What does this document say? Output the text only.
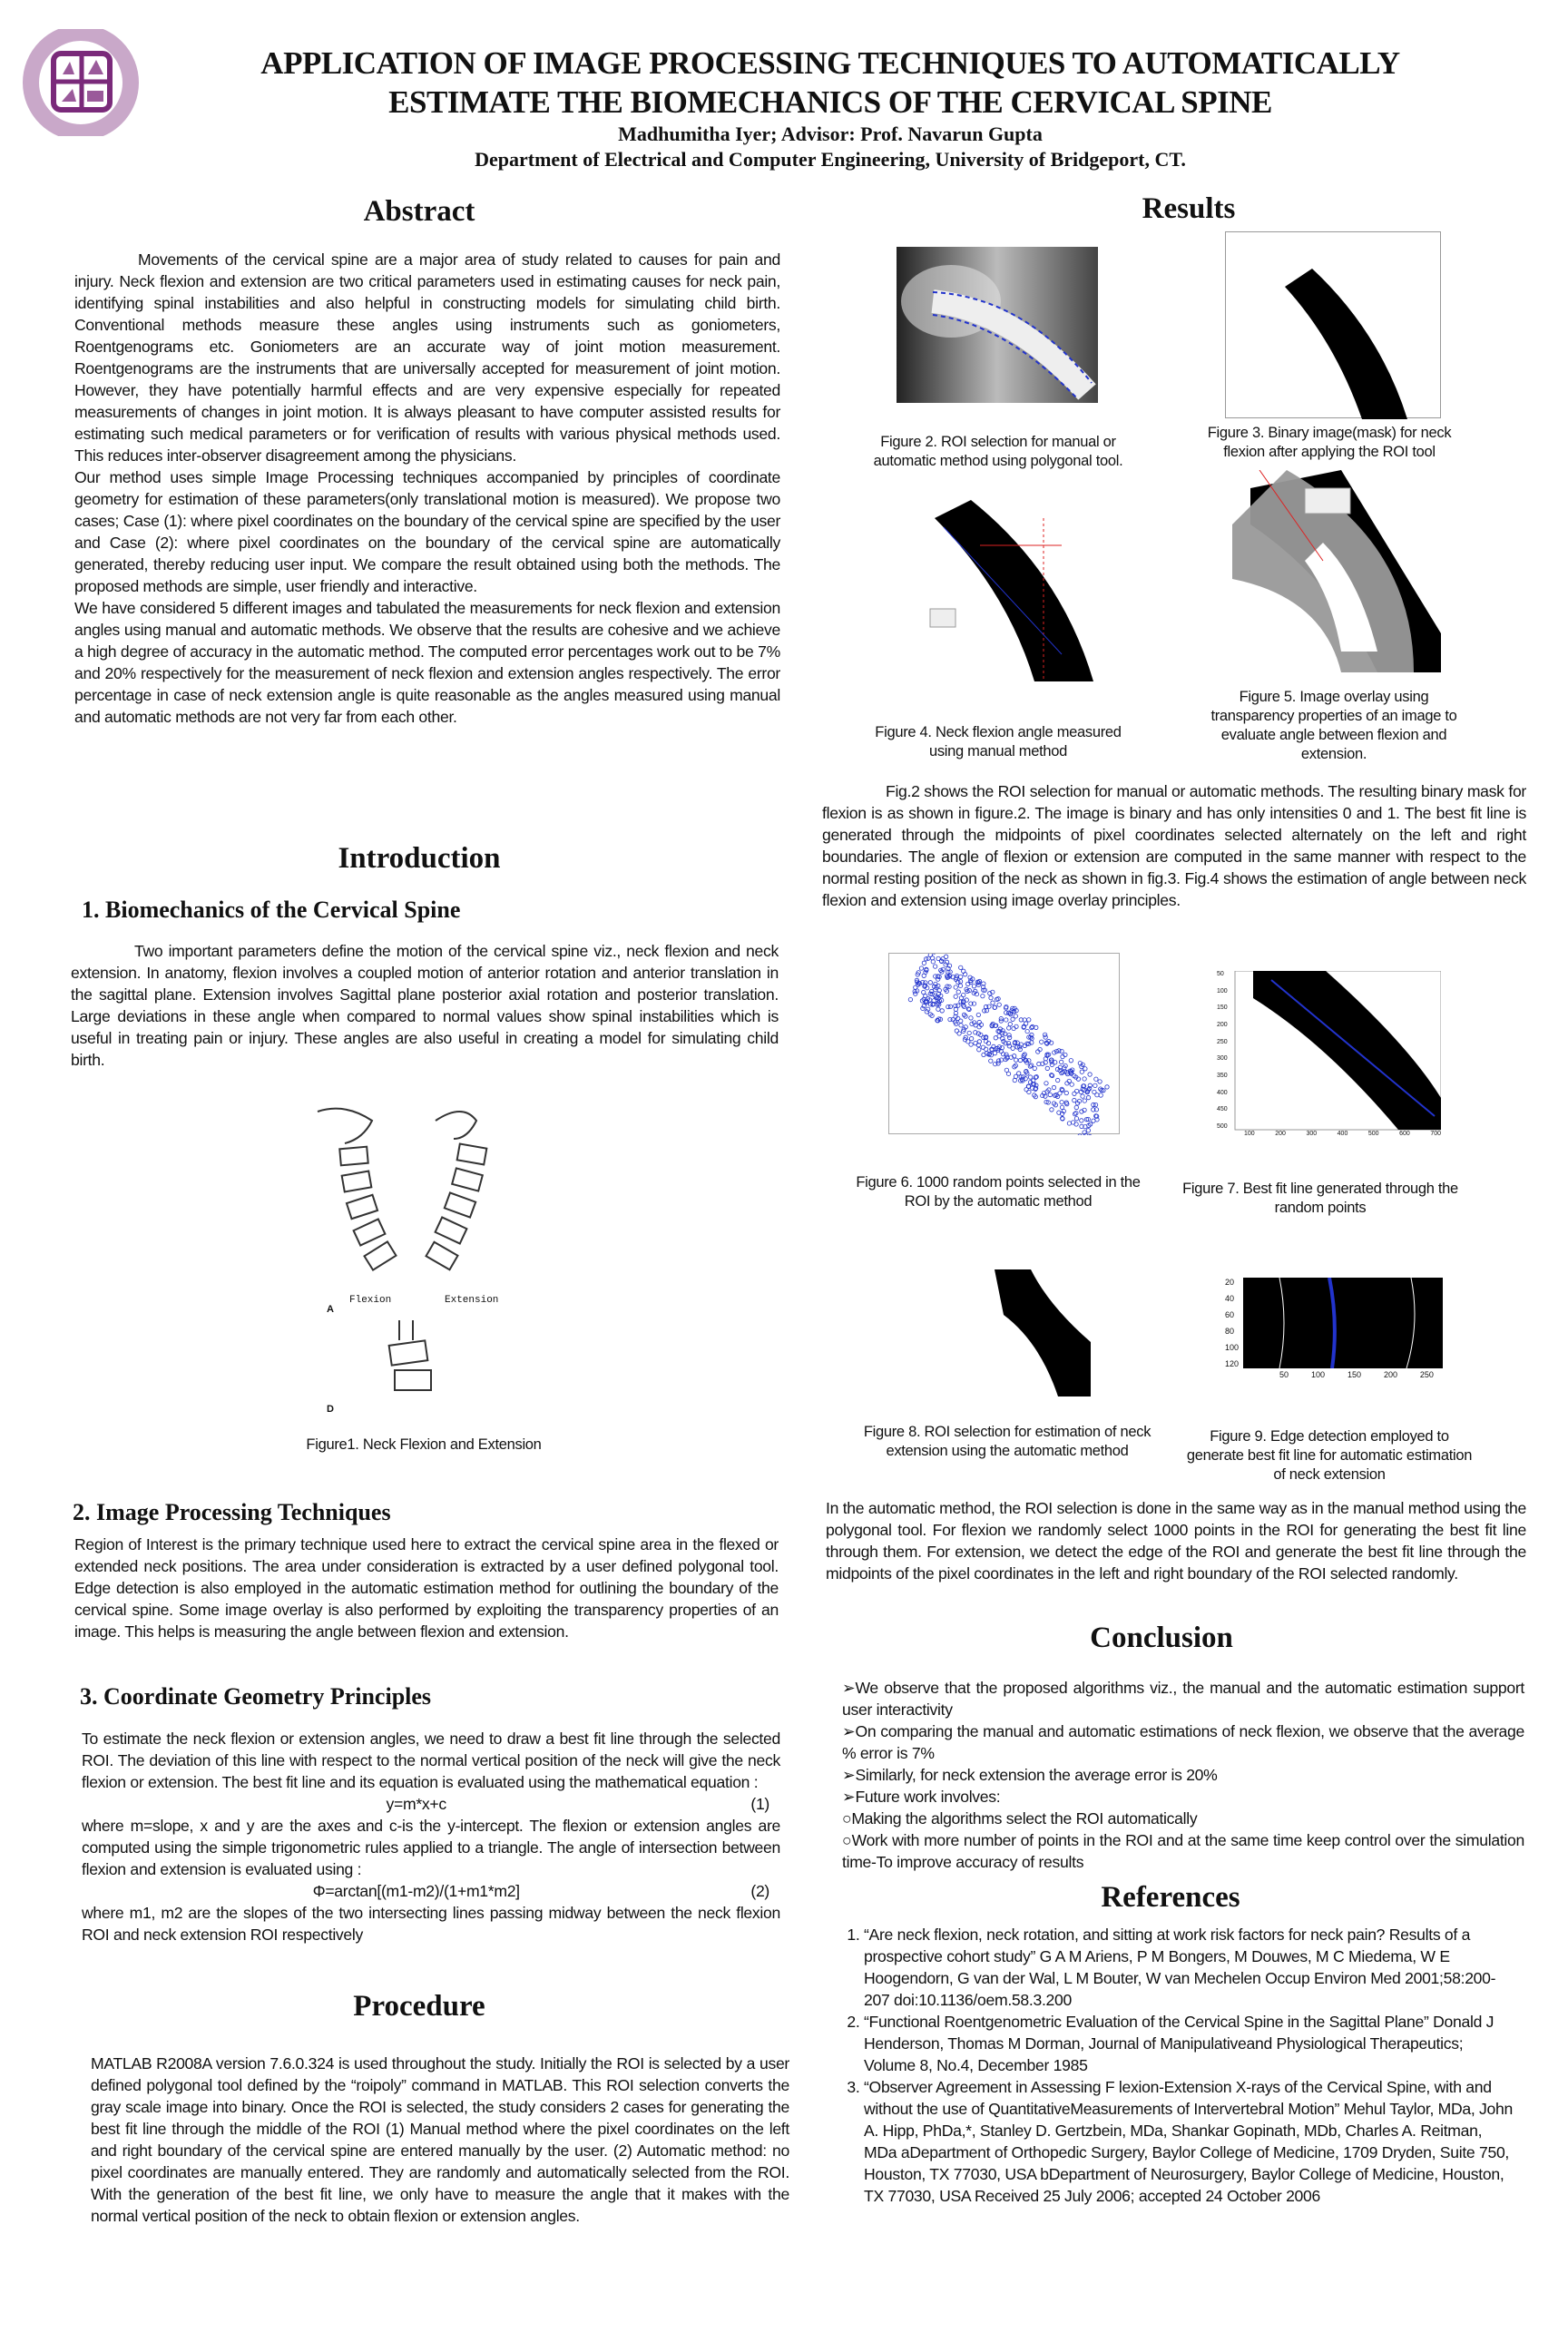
APPLICATION OF IMAGE PROCESSING TECHNIQUES TO AUTOMATICALLY
ESTIMATE THE BIOMECHANICS OF THE CERVICAL SPINE
Madhumitha Iyer; Advisor: Prof. Navarun Gupta
Department of Electrical and Computer Engineering, University of Bridgeport, CT.
Abstract

Movements of the cervical spine are a major area of study related to causes for pain and injury. Neck flexion and extension are two critical parameters used in estimating causes for neck pain, identifying spinal instabilities and also helpful in constructing models for simulating child birth. Conventional methods measure these angles using instruments such as goniometers, Roentgenograms etc. Goniometers are an accurate way of joint motion measurement. Roentgenograms are the instruments that are universally accepted for measurement of joint motion. However, they have potentially harmful effects and are very expensive especially for repeated measurements of changes in joint motion. It is always pleasant to have computer assisted results for estimating such medical parameters or for verification of results with various physical methods used. This reduces inter-observer disagreement among the physicians.

Our method uses simple Image Processing techniques accompanied by principles of coordinate geometry for estimation of these parameters(only translational motion is measured). We propose two cases; Case (1): where pixel coordinates on the boundary of the cervical spine are specified by the user and Case (2): where pixel coordinates on the boundary of the cervical spine are automatically generated, thereby reducing user input. We compare the result obtained using both the methods. The proposed methods are simple, user friendly and interactive.

We have considered 5 different images and tabulated the measurements for neck flexion and extension angles using manual and automatic methods. We observe that the results are cohesive and we achieve a high degree of accuracy in the automatic method. The computed error percentages work out to be 7% and 20% respectively for the measurement of neck flexion and extension angles respectively. The error percentage in case of neck extension angle is quite reasonable as the angles measured using manual and automatic methods are not very far from each other.

Introduction
1. Biomechanics of the Cervical Spine

Two important parameters define the motion of the cervical spine viz., neck flexion and neck extension. In anatomy, flexion involves a coupled motion of anterior rotation and anterior translation in the sagittal plane. Extension involves Sagittal plane posterior axial rotation and posterior translation. Large deviations in these angle when compared to normal values show spinal instabilities which is useful in treating pain or injury. These angles are also useful in creating a model for simulating child birth.

Flexion	Extension
A
D
Figure1. Neck Flexion and Extension
2. Image Processing Techniques
Region of Interest is the primary technique used here to extract the cervical spine area in the flexed or extended neck positions. The area under consideration is extracted by a user defined polygonal tool. Edge detection is also employed in the automatic estimation method for outlining the boundary of the cervical spine. Some image overlay is also performed by exploiting the transparency properties of an image. This helps is measuring the angle between flexion and extension.
3. Coordinate Geometry Principles

To estimate the neck flexion or extension angles, we need to draw a best fit line through the selected ROI. The deviation of this line with respect to the normal vertical position of the neck will give the neck flexion or extension. The best fit line and its equation is evaluated using the mathematical equation :

y=m*x+c	(1)

where m=slope, x and y are the axes and c-is the y-intercept. The flexion or extension angles are computed using the simple trigonometric rules applied to a triangle. The angle of intersection between flexion and extension is evaluated using :

Φ=arctan[(m1-m2)/(1+m1*m2]	(2)

where m1, m2 are the slopes of the two intersecting lines passing midway between the neck flexion ROI and neck extension ROI respectively

Procedure
MATLAB R2008A version 7.6.0.324 is used throughout the study. Initially the ROI is selected by a user defined polygonal tool defined by the “roipoly” command in MATLAB. This ROI selection converts the gray scale image into binary. Once the ROI is selected, the study considers 2 cases for generating the best fit line through the middle of the ROI (1) Manual method where the pixel coordinates on the left and right boundary of the cervical spine are entered manually by the user. (2) Automatic method: no pixel coordinates are manually entered. They are randomly and automatically selected from the ROI. With the generation of the best fit line, we only have to measure the angle that it makes with the normal vertical position of the neck to obtain flexion or extension angles.
Results
Figure 2. ROI selection for manual or automatic method using polygonal tool.
Figure 3. Binary image(mask) for neck flexion after applying the ROI tool
Figure 4. Neck flexion angle measured using manual method
Figure 5. Image overlay using transparency properties of an image to evaluate angle between flexion and extension.

Fig.2 shows the ROI selection for manual or automatic methods. The resulting binary mask for flexion is as shown in figure.2. The image is binary and has only intensities 0 and 1. The best fit line is generated through the midpoints of pixel coordinates selected alternately on the left and right boundaries. The angle of flexion or extension are computed in the same manner with respect to the normal resting position of the neck as shown in fig.3. Fig.4 shows the estimation of angle between neck flexion and extension using image overlay principles.

100	200	300	400	500	600	700
50
100
150
200
250
300
350
400
450
500
Figure 6. 1000 random points selected in the ROI by the automatic method
Figure 7. Best fit line generated through the random points
50	100	150	200	250
20
40
60
80
100
120
Figure 8. ROI selection for estimation of neck extension using the automatic method
Figure 9. Edge detection employed to generate best fit line for automatic estimation of neck extension
In the automatic method, the ROI selection is done in the same way as in the manual method using the polygonal tool. For flexion we randomly select 1000 points in the ROI for generating the best fit line through them. For extension, we detect the edge of the ROI and generate the best fit line through the midpoints of the pixel coordinates in the left and right boundary of the ROI selected randomly.
Conclusion

➢We observe that the proposed algorithms viz., the manual and the automatic estimation support user interactivity

➢On comparing the manual and automatic estimations of neck flexion, we observe that the average % error is 7%

➢Similarly, for neck extension the average error is 20%

➢Future work involves:

○Making the algorithms select the ROI automatically

○Work with more number of points in the ROI and at the same time keep control over the simulation time-To improve accuracy of results

References
1. “Are neck flexion, neck rotation, and sitting at work risk factors for neck pain? Results of a prospective cohort study” G A M Ariens, P M Bongers, M Douwes, M C Miedema, W E Hoogendorn, G van der Wal, L M Bouter, W van Mechelen Occup Environ Med 2001;58:200-207 doi:10.1136/oem.58.3.200
2. “Functional Roentgenometric Evaluation of the Cervical Spine in the Sagittal Plane” Donald J Henderson, Thomas M Dorman, Journal of Manipulativeand Physiological Therapeutics; Volume 8, No.4, December 1985
3. “Observer Agreement in Assessing F lexion-Extension X-rays of the Cervical Spine, with and without the use of QuantitativeMeasurements of Intervertebral Motion” Mehul Taylor, MDa, John A. Hipp, PhDa,*, Stanley D. Gertzbein, MDa, Shankar Gopinath, MDb, Charles A. Reitman, MDa aDepartment of Orthopedic Surgery, Baylor College of Medicine, 1709 Dryden, Suite 750, Houston, TX 77030, USA bDepartment of Neurosurgery, Baylor College of Medicine, Houston, TX 77030, USA Received 25 July 2006; accepted 24 October 2006
